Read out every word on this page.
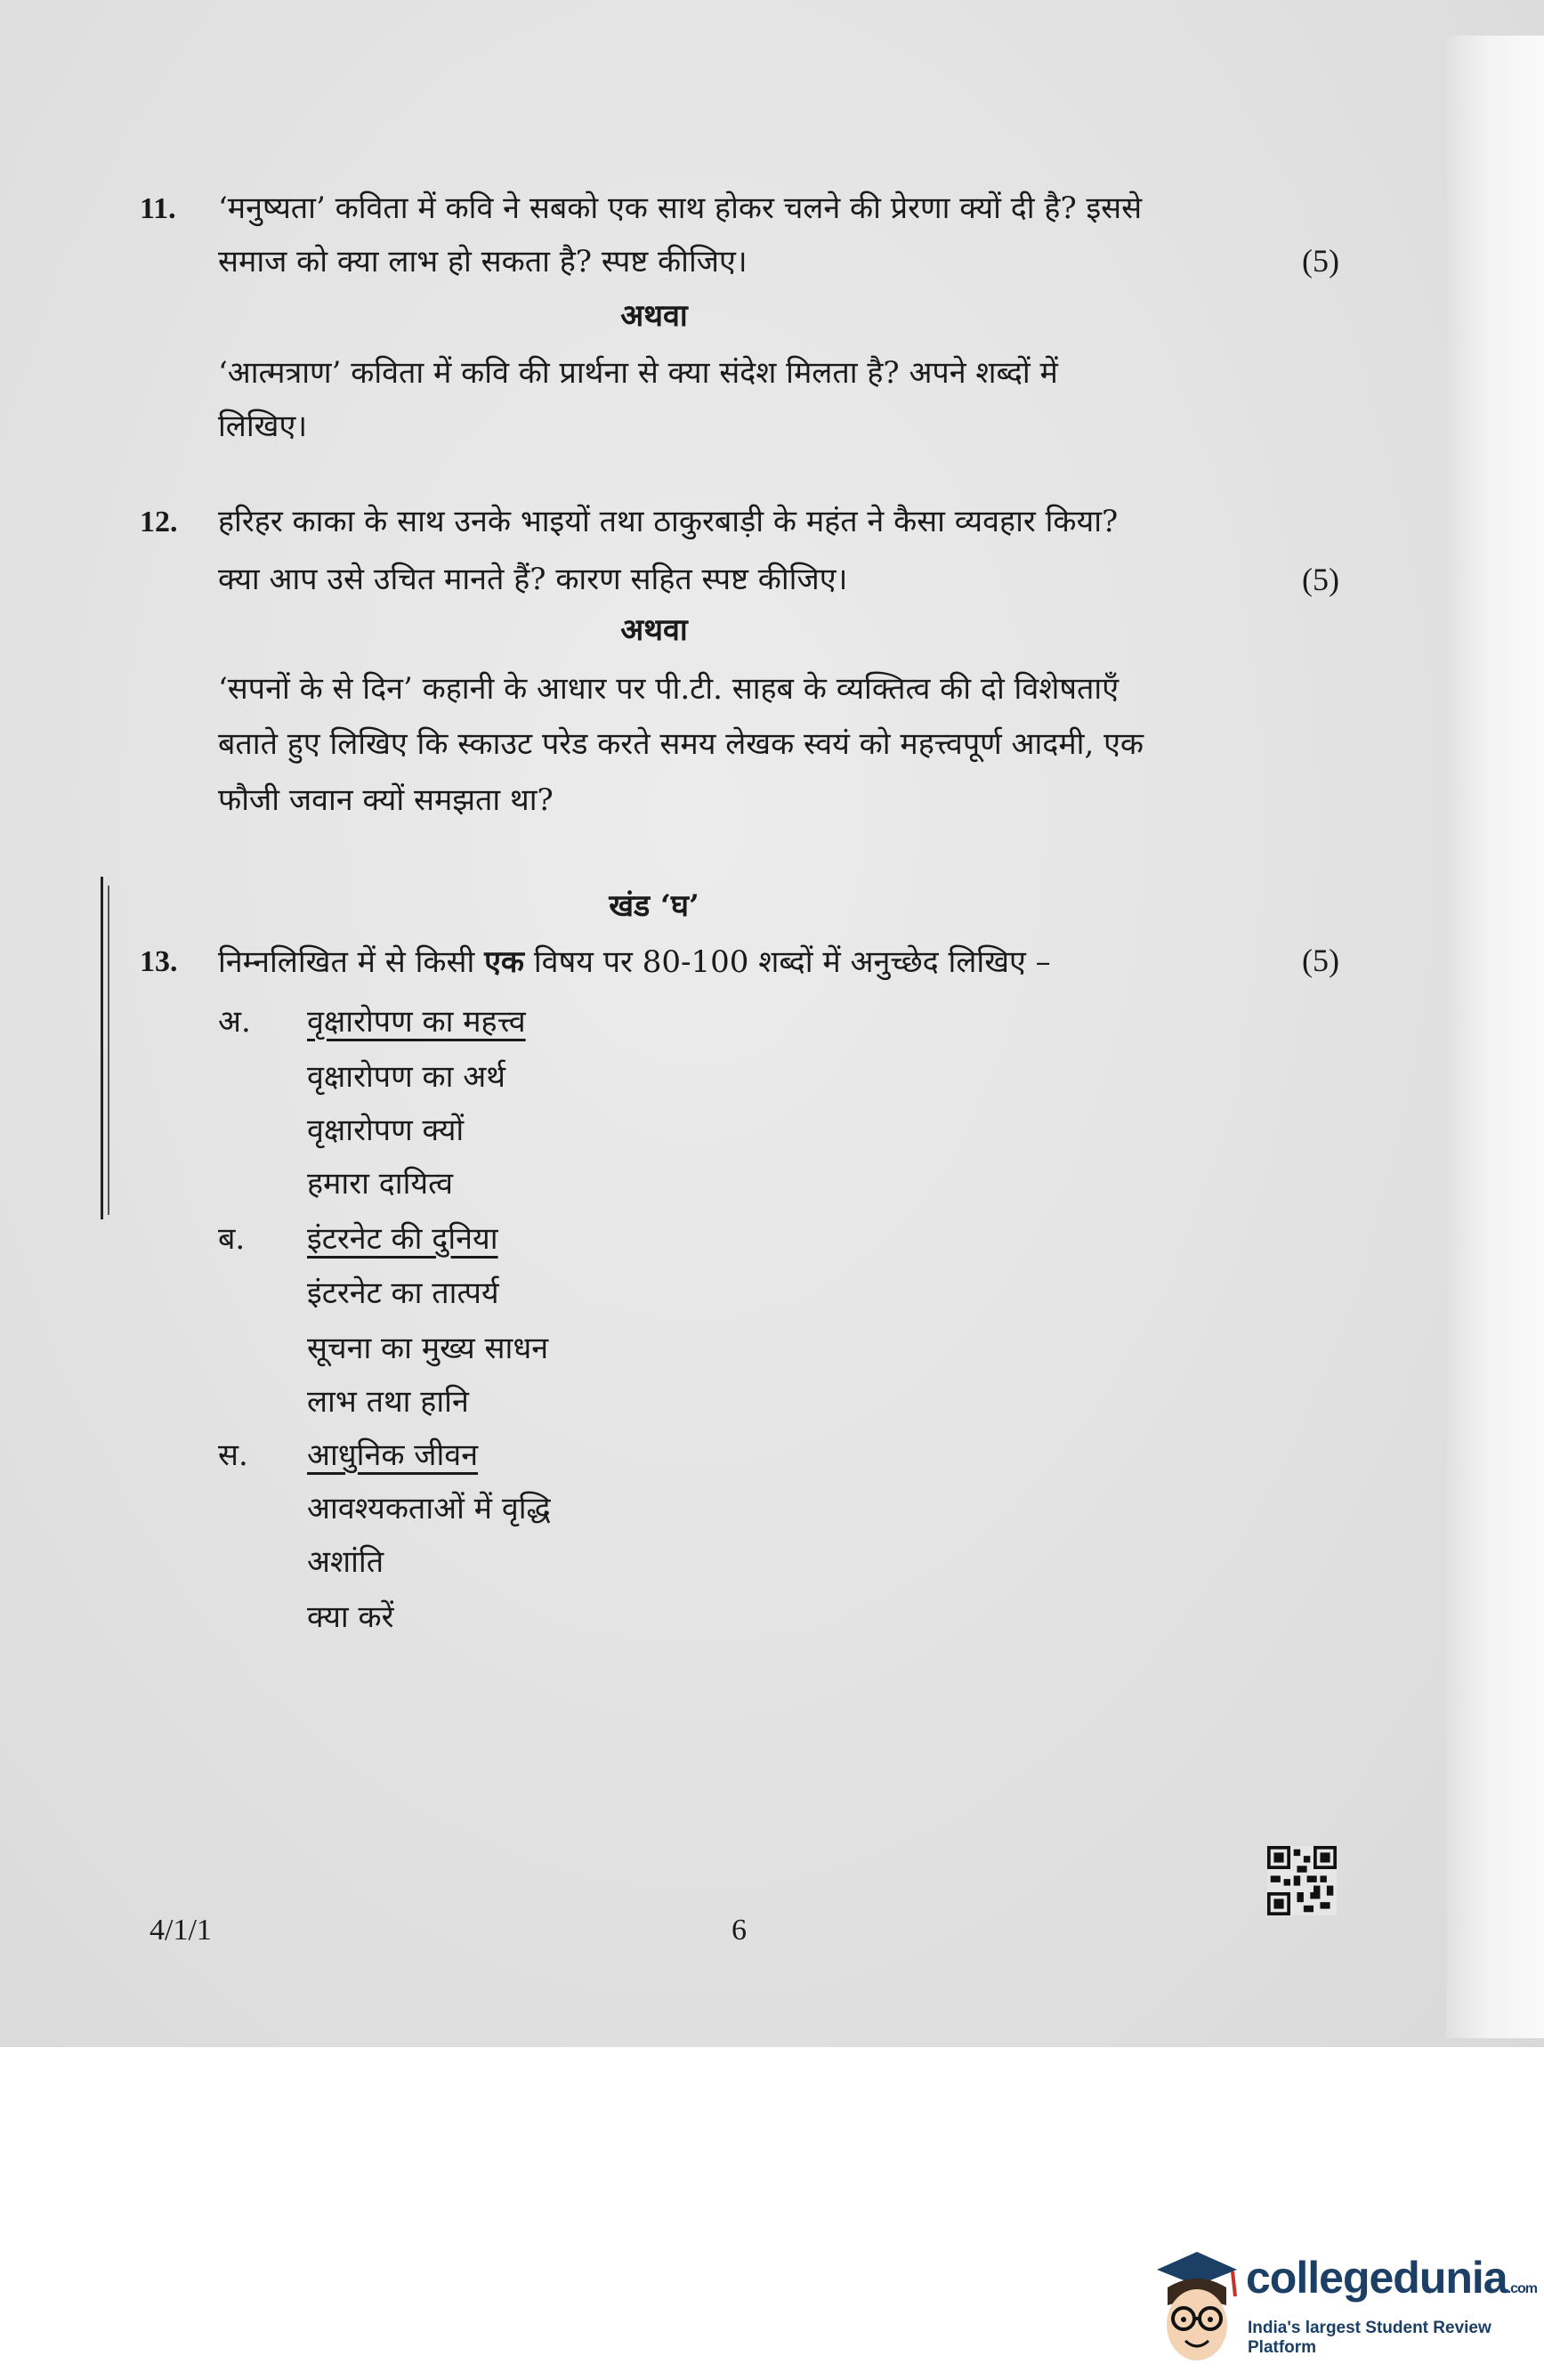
11. ‘मनुष्यता’ कविता में कवि ने सबको एक साथ होकर चलने की प्रेरणा क्यों दी है? इससे
समाज को क्या लाभ हो सकता है? स्पष्ट कीजिए।	(5)
अथवा
‘आत्मत्राण’ कविता में कवि की प्रार्थना से क्या संदेश मिलता है? अपने शब्दों में
लिखिए।
12. हरिहर काका के साथ उनके भाइयों तथा ठाकुरबाड़ी के महंत ने कैसा व्यवहार किया?
क्या आप उसे उचित मानते हैं? कारण सहित स्पष्ट कीजिए।	(5)
अथवा
‘सपनों के से दिन’ कहानी के आधार पर पी.टी. साहब के व्यक्तित्व की दो विशेषताएँ
बताते हुए लिखिए कि स्काउट परेड करते समय लेखक स्वयं को महत्त्वपूर्ण आदमी, एक
फौजी जवान क्यों समझता था?
खंड ‘घ’
13. निम्नलिखित में से किसी एक विषय पर 80-100 शब्दों में अनुच्छेद लिखिए –	(5)
अ. वृक्षारोपण का महत्त्व
वृक्षारोपण का अर्थ
वृक्षारोपण क्यों
हमारा दायित्व
ब. इंटरनेट की दुनिया
इंटरनेट का तात्पर्य
सूचना का मुख्य साधन
लाभ तथा हानि
स. आधुनिक जीवन
आवश्यकताओं में वृद्धि
अशांति
क्या करें
4/1/1	6
collegedunia.com
India's largest Student Review Platform
